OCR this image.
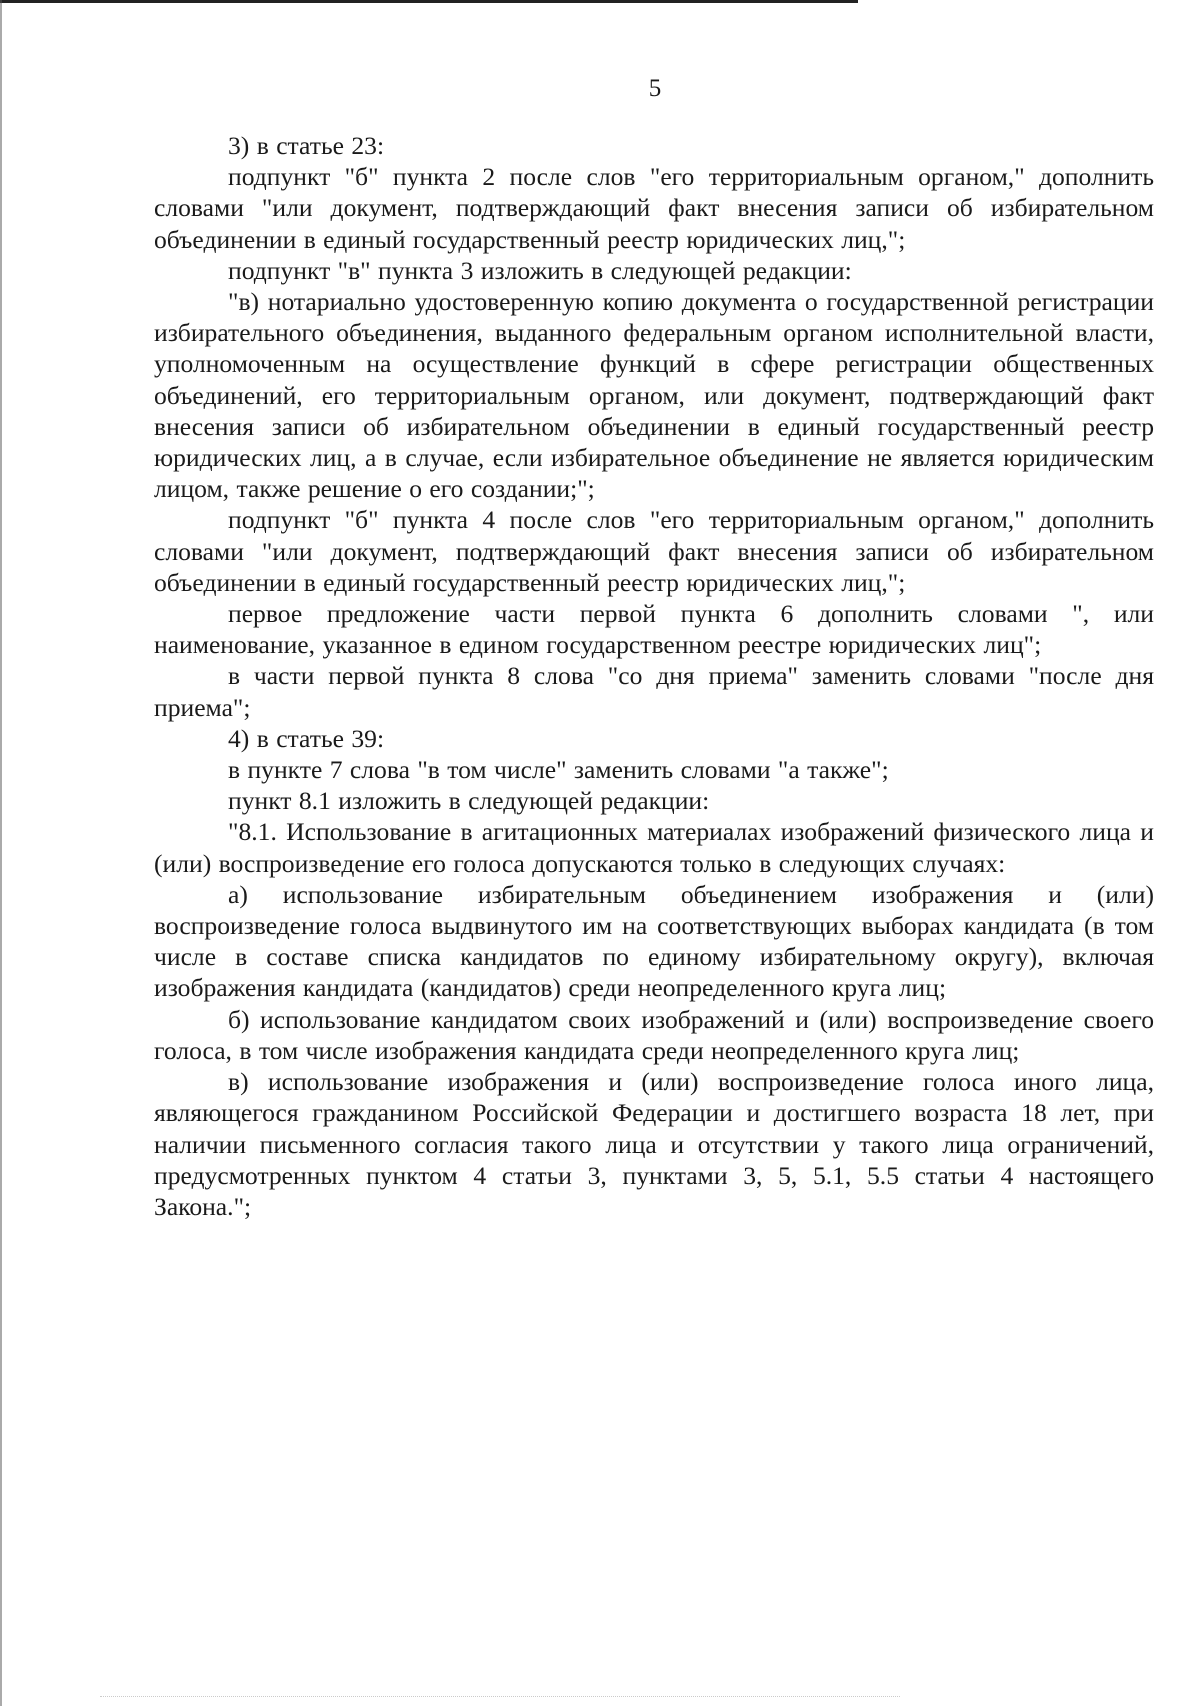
5

3) в статье 23:

подпункт "б" пункта 2 после слов "его территориальным органом," дополнить словами "или документ, подтверждающий факт внесения записи об избирательном объединении в единый государственный реестр юридических лиц,";

подпункт "в" пункта 3 изложить в следующей редакции:

"в) нотариально удостоверенную копию документа о государственной регистрации избирательного объединения, выданного федеральным органом исполнительной власти, уполномоченным на осуществление функций в сфере регистрации общественных объединений, его территориальным органом, или документ, подтверждающий факт внесения записи об избирательном объединении в единый государственный реестр юридических лиц, а в случае, если избирательное объединение не является юридическим лицом, также решение о его создании;";

подпункт "б" пункта 4 после слов "его территориальным органом," дополнить словами "или документ, подтверждающий факт внесения записи об избирательном объединении в единый государственный реестр юридических лиц,";

первое предложение части первой пункта 6 дополнить словами ", или наименование, указанное в едином государственном реестре юридических лиц";

в части первой пункта 8 слова "со дня приема" заменить словами "после дня приема";

4) в статье 39:

в пункте 7 слова "в том числе" заменить словами "а также";

пункт 8.1 изложить в следующей редакции:

"8.1. Использование в агитационных материалах изображений физического лица и (или) воспроизведение его голоса допускаются только в следующих случаях:

а) использование избирательным объединением изображения и (или) воспроизведение голоса выдвинутого им на соответствующих выборах кандидата (в том числе в составе списка кандидатов по единому избирательному округу), включая изображения кандидата (кандидатов) среди неопределенного круга лиц;

б) использование кандидатом своих изображений и (или) воспроизведение своего голоса, в том числе изображения кандидата среди неопределенного круга лиц;

в) использование изображения и (или) воспроизведение голоса иного лица, являющегося гражданином Российской Федерации и достигшего возраста 18 лет, при наличии письменного согласия такого лица и отсутствии у такого лица ограничений, предусмотренных пунктом 4 статьи 3, пунктами 3, 5, 5.1, 5.5 статьи 4 настоящего Закона.";
